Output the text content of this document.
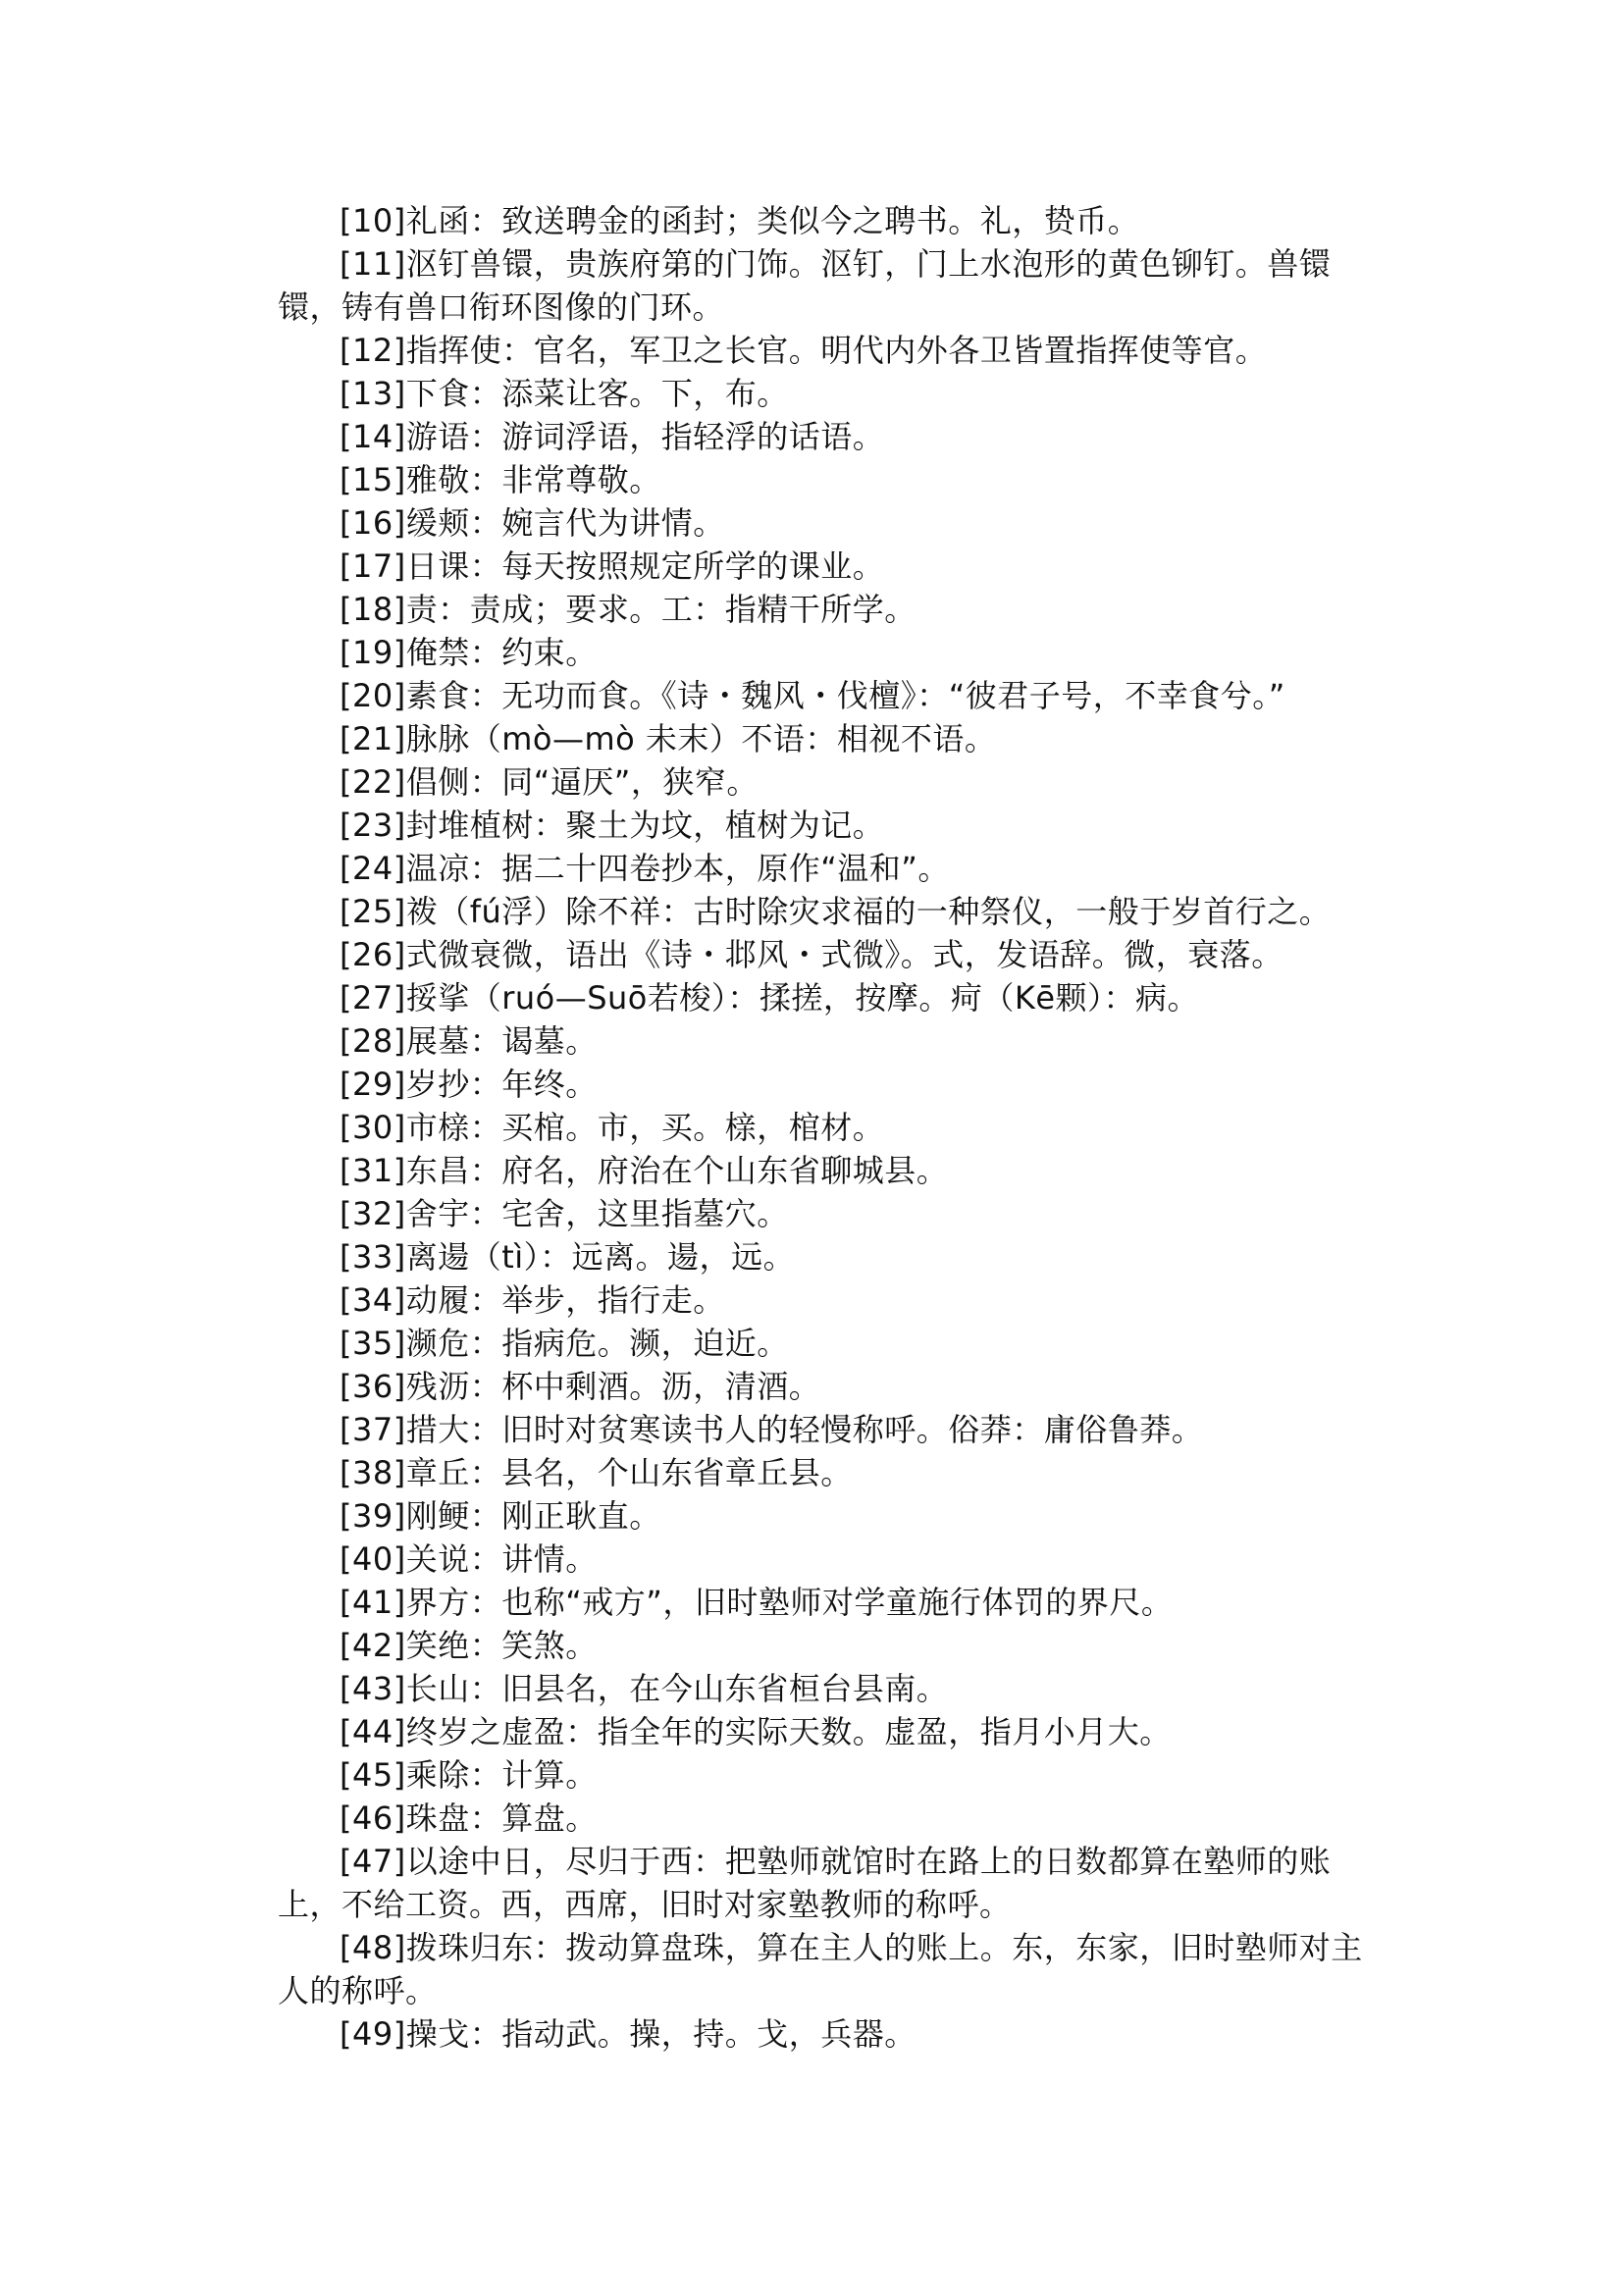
[10]礼函：致送聘金的函封；类似今之聘书。礼，贽币。

[11]沤钉兽镮，贵族府第的门饰。沤钉，门上水泡形的黄色铆钉。兽镮镮，铸有兽口衔环图像的门环。

[12]指挥使：官名，军卫之长官。明代内外各卫皆置指挥使等官。

[13]下食：添菜让客。下，布。

[14]游语：游词浮语，指轻浮的话语。

[15]雅敬：非常尊敬。

[16]缓颊：婉言代为讲情。

[17]日课：每天按照规定所学的课业。

[18]责：责成；要求。工：指精干所学。

[19]俺禁：约束。

[20]素食：无功而食。《诗・魏风・伐檀》：“彼君子号，不幸食兮。”

[21]脉脉（mò—mò 未末）不语：相视不语。

[22]倡侧：同“逼厌”，狭窄。

[23]封堆植树：聚土为坟，植树为记。

[24]温凉：据二十四卷抄本，原作“温和”。

[25]袯（fú浮）除不祥：古时除灾求福的一种祭仪，一般于岁首行之。

[26]式微衰微，语出《诗・邶风・式微》。式，发语辞。微，衰落。

[27]挼挲（ruó—Suō若梭）：揉搓，按摩。疴（Kē颗）：病。

[28]展墓：谒墓。

[29]岁抄：年终。

[30]市榇：买棺。市，买。榇，棺材。

[31]东昌：府名，府治在个山东省聊城县。

[32]舍宇：宅舍，这里指墓穴。

[33]离逿（tì）：远离。逿，远。

[34]动履：举步，指行走。

[35]濒危：指病危。濒，迫近。

[36]残沥：杯中剩酒。沥，清酒。

[37]措大：旧时对贫寒读书人的轻慢称呼。俗莽：庸俗鲁莽。

[38]章丘：县名，个山东省章丘县。

[39]刚鲠：刚正耿直。

[40]关说：讲情。

[41]界方：也称“戒方”，旧时塾师对学童施行体罚的界尺。

[42]笑绝：笑煞。

[43]长山：旧县名，在今山东省桓台县南。

[44]终岁之虚盈：指全年的实际天数。虚盈，指月小月大。

[45]乘除：计算。

[46]珠盘：算盘。

[47]以途中日，尽归于西：把塾师就馆时在路上的日数都算在塾师的账上，不给工资。西，西席，旧时对家塾教师的称呼。

[48]拨珠归东：拨动算盘珠，算在主人的账上。东，东家，旧时塾师对主人的称呼。

[49]操戈：指动武。操，持。戈，兵器。
